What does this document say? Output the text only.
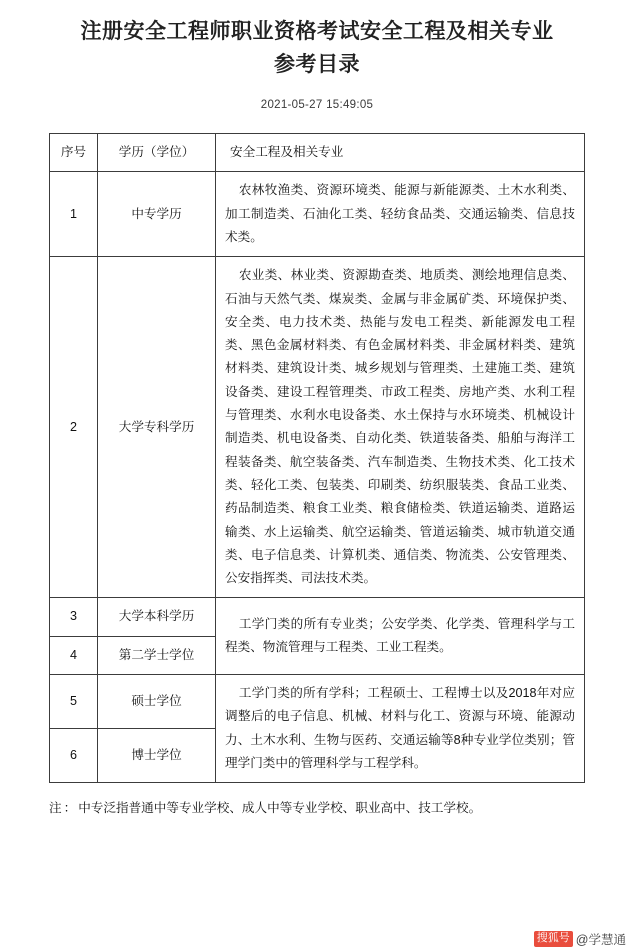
注册安全工程师职业资格考试安全工程及相关专业
参考目录
2021-05-27 15:49:05
序号	学历（学位）	安全工程及相关专业
1	中专学历	农林牧渔类、资源环境类、能源与新能源类、土木水利类、加工制造类、石油化工类、轻纺食品类、交通运输类、信息技术类。

2	大学专科学历	农业类、林业类、资源勘查类、地质类、测绘地理信息类、石油与天然气类、煤炭类、金属与非金属矿类、环境保护类、安全类、电力技术类、热能与发电工程类、新能源发电工程类、黑色金属材料类、有色金属材料类、非金属材料类、建筑材料类、建筑设计类、城乡规划与管理类、土建施工类、建筑设备类、建设工程管理类、市政工程类、房地产类、水利工程与管理类、水利水电设备类、水土保持与水环境类、机械设计制造类、机电设备类、自动化类、铁道装备类、船舶与海洋工程装备类、航空装备类、汽车制造类、生物技术类、化工技术类、轻化工类、包装类、印刷类、纺织服装类、食品工业类、药品制造类、粮食工业类、粮食储检类、铁道运输类、道路运输类、水上运输类、航空运输类、管道运输类、城市轨道交通类、电子信息类、计算机类、通信类、物流类、公安管理类、公安指挥类、司法技术类。

3	大学本科学历	工学门类的所有专业类；公安学类、化学类、管理科学与工程类、物流管理与工程类、工业工程类。

4	第二学士学位	
5	硕士学位	工学门类的所有学科；工程硕士、工程博士以及2018年对应调整后的电子信息、机械、材料与化工、资源与环境、能源动力、土木水利、生物与医药、交通运输等8种专业学位类别；管理学门类中的管理科学与工程学科。

6	博士学位	
注：中专泛指普通中等专业学校、成人中等专业学校、职业高中、技工学校。
搜狐号 @学慧通
